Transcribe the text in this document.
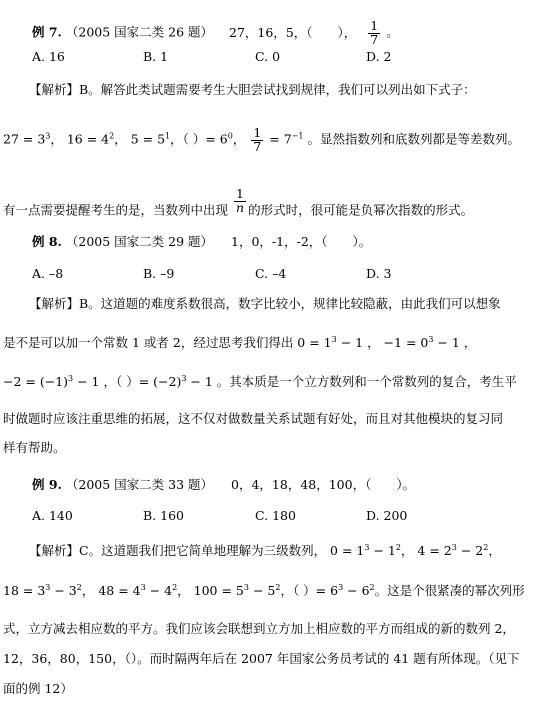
例 7. （2005 国家二类 26 题） 27，16，5，（　　）， $\frac{1}{7}$ 。
A. 16	B. 1	C. 0	D. 2
【解析】B。解答此类试题需要考生大胆尝试找到规律，我们可以列出如下式子：
$27 = 3^3$， $16 = 4^2$， $5 = 5^1$，（ ）= $6^0$， $\frac{1}{7} = 7^{-1}$ 。显然指数列和底数列都是等差数列。
有一点需要提醒考生的是，当数列中出现 $\frac{1}{n}$ 的形式时，很可能是负幂次指数的形式。
例 8. （2005 国家二类 29 题） 1，0，-1，-2，（　　）。
A. –8	B. –9	C. –4	D. 3
【解析】B。这道题的难度系数很高，数字比较小，规律比较隐蔽，由此我们可以想象
是不是可以加一个常数 1 或者 2，经过思考我们得出 $0 = 1^3 - 1$ ， $-1 = 0^3 - 1$ ，
$-2 = (-1)^3 - 1$ ，（ ）= $(-2)^3 - 1$ 。其本质是一个立方数列和一个常数列的复合，考生平
时做题时应该注重思维的拓展，这不仅对做数量关系试题有好处，而且对其他模块的复习同
样有帮助。
例 9. （2005 国家二类 33 题） 0，4，18，48，100，（　　）。
A. 140	B. 160	C. 180	D. 200
【解析】C。这道题我们把它简单地理解为三级数列， $0 = 1^3 - 1^2$， $4 = 2^3 - 2^2$，
$18 = 3^3 - 3^2$， $48 = 4^3 - 4^2$， $100 = 5^3 - 5^2$，（ ）= $6^3 - 6^2$。这是个很紧凑的幂次列形
式，立方减去相应数的平方。我们应该会联想到立方加上相应数的平方而组成的新的数列 2，
12，36，80，150，（）。而时隔两年后在 2007 年国家公务员考试的 41 题有所体现。（见下
面的例 12）
